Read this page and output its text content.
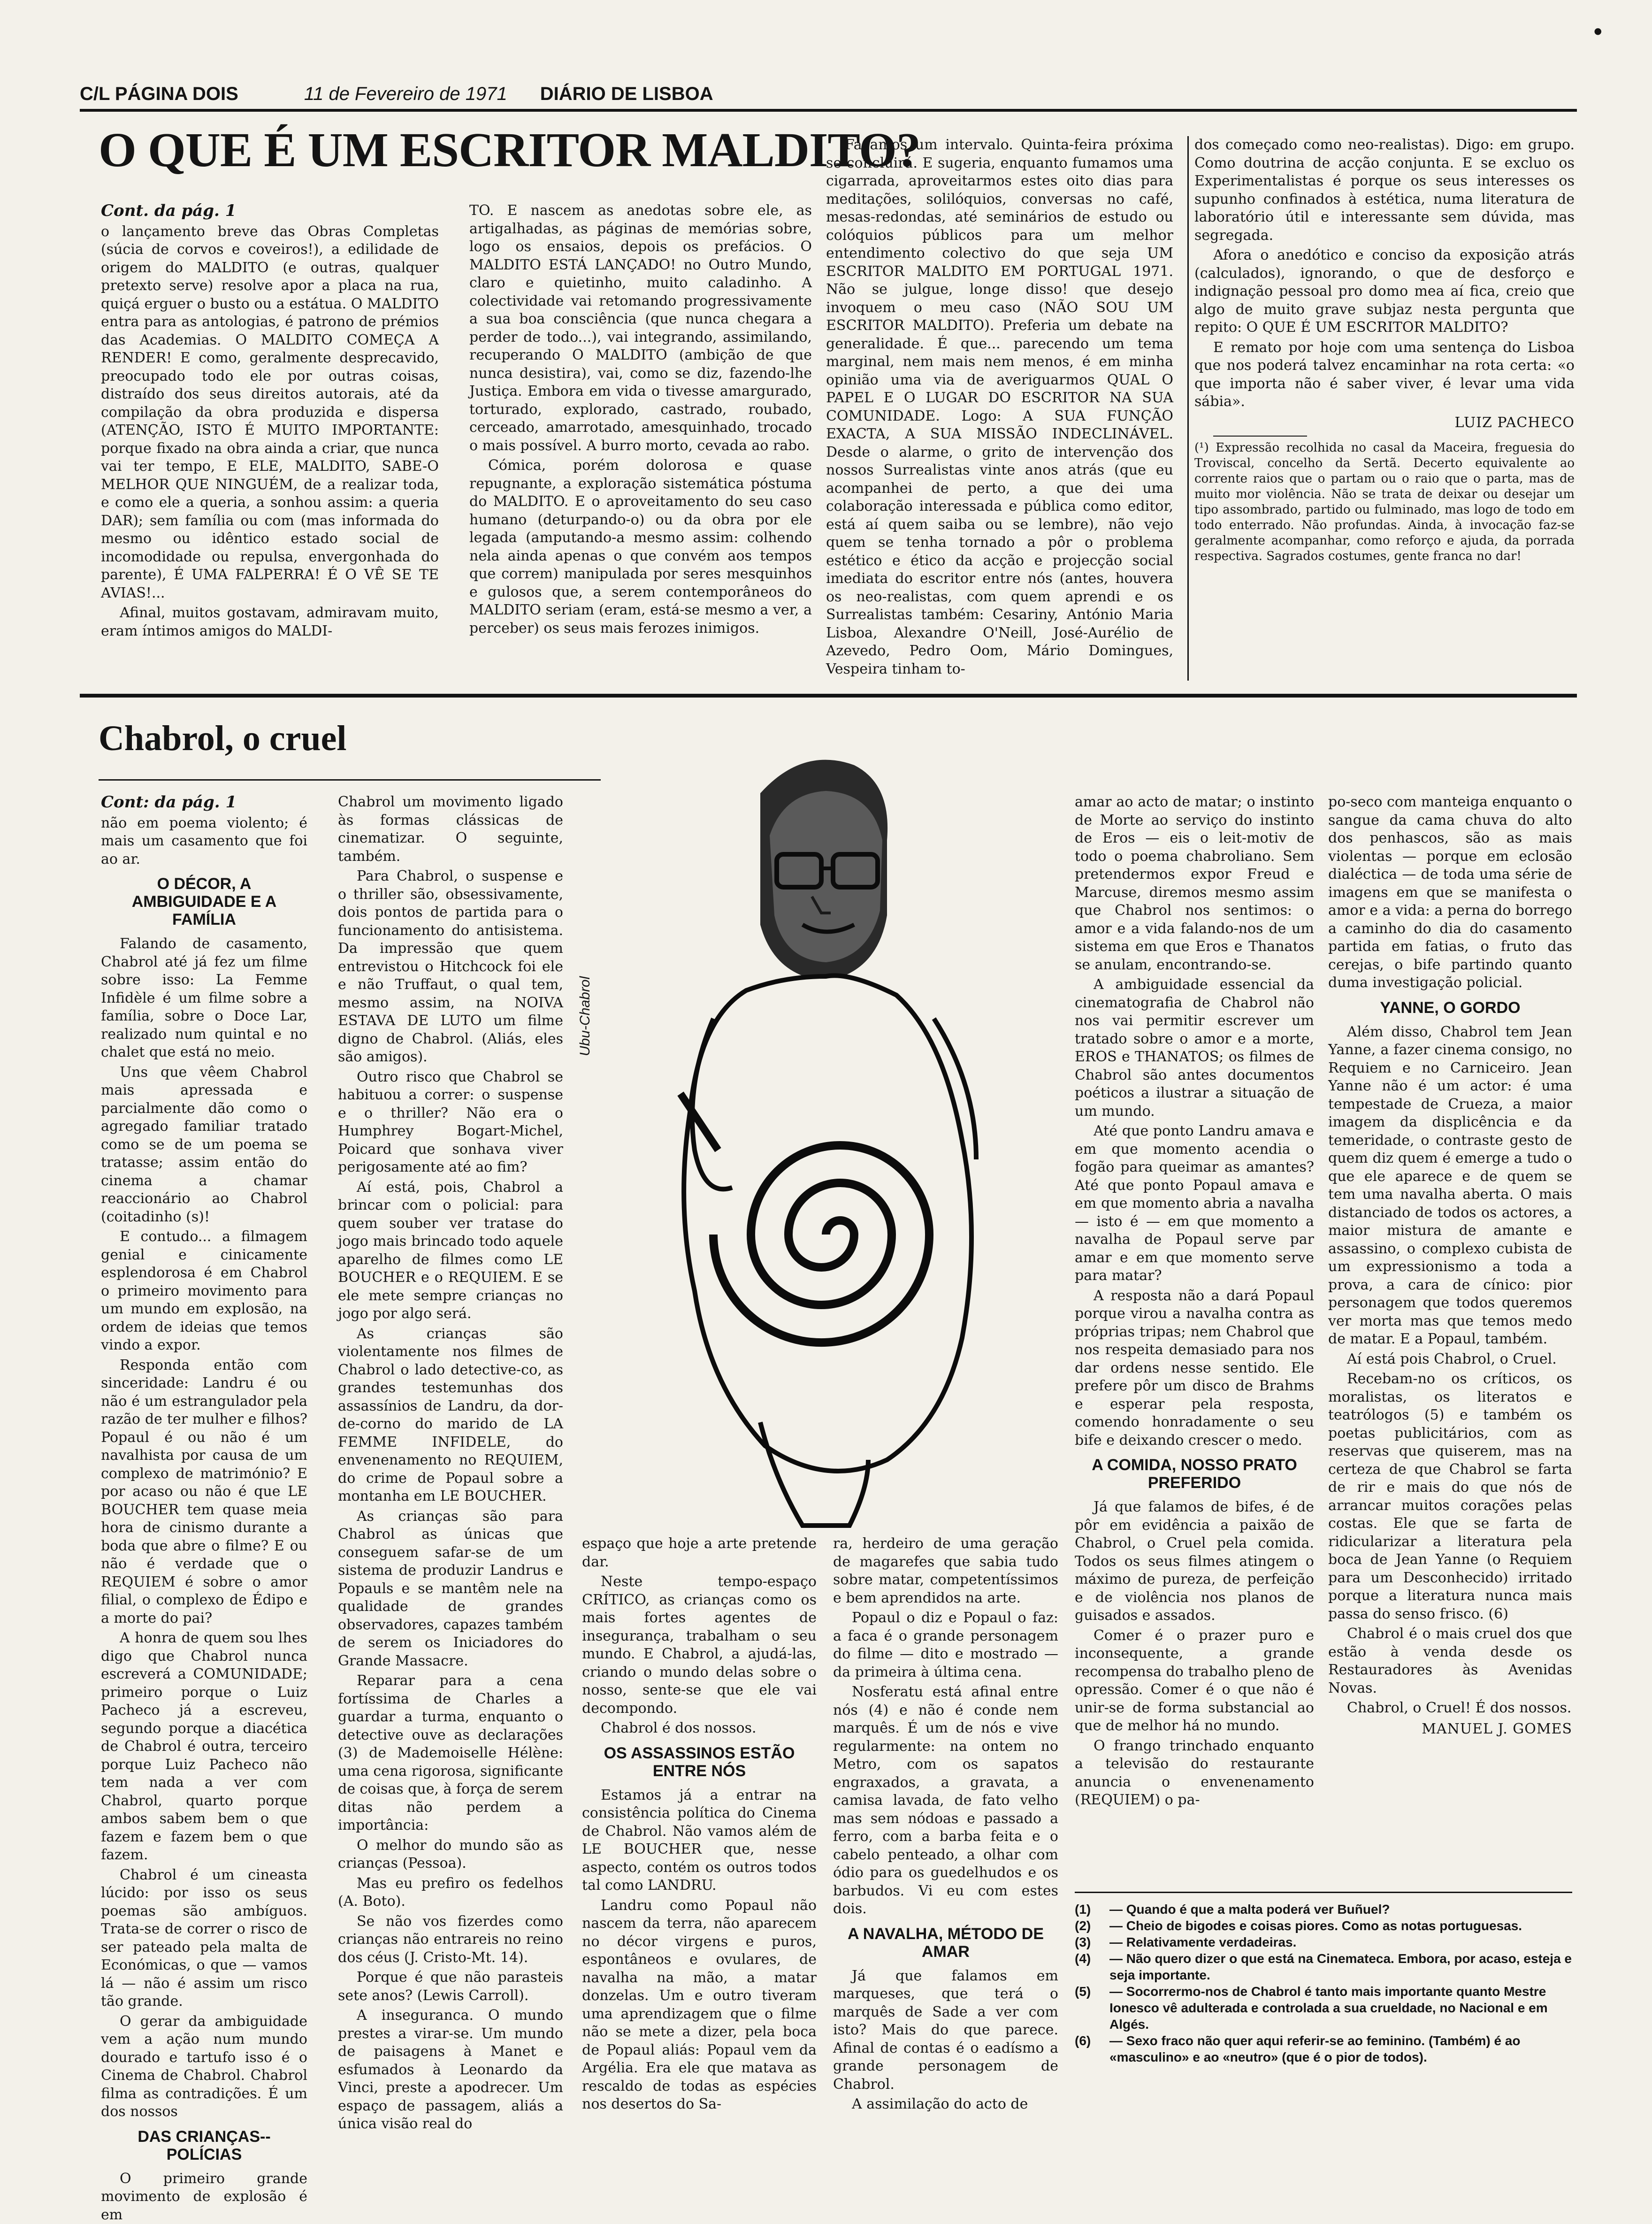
C/L PÁGINA DOIS	11 de Fevereiro de 1971 DIÁRIO DE LISBOA
•
O QUE É UM ESCRITOR MALDITO?

Cont. da pág. 1

o lançamento breve das Obras Completas (súcia de corvos e coveiros!), a edilidade de origem do MALDITO (e outras, qualquer pretexto serve) resolve apor a placa na rua, quiçá erguer o busto ou a estátua. O MALDITO entra para as antologias, é patrono de prémios das Academias. O MALDITO COMEÇA A RENDER! E como, geralmente desprecavido, preocupado todo ele por outras coisas, distraído dos seus direitos autorais, até da compilação da obra produzida e dispersa (ATENÇÃO, ISTO É MUITO IMPORTANTE: porque fixado na obra ainda a criar, que nunca vai ter tempo, E ELE, MALDITO, SABE-O MELHOR QUE NINGUÉM, de a realizar toda, e como ele a queria, a sonhou assim: a queria DAR); sem família ou com (mas informada do mesmo ou idêntico estado social de incomodidade ou repulsa, envergonhada do parente), É UMA FALPERRA! É O VÊ SE TE AVIAS!...

Afinal, muitos gostavam, admiravam muito, eram íntimos amigos do MALDI-

TO. E nascem as anedotas sobre ele, as artigalhadas, as páginas de memórias sobre, logo os ensaios, depois os prefácios. O MALDITO ESTÁ LANÇADO! no Outro Mundo, claro e quietinho, muito caladinho. A colectividade vai retomando progressivamente a sua boa consciência (que nunca chegara a perder de todo...), vai integrando, assimilando, recuperando O MALDITO (ambição de que nunca desistira), vai, como se diz, fazendo-lhe Justiça. Embora em vida o tivesse amargurado, torturado, explorado, castrado, roubado, cerceado, amarrotado, amesquinhado, trocado o mais possível. A burro morto, cevada ao rabo.

Cómica, porém dolorosa e quase repugnante, a exploração sistemática póstuma do MALDITO. E o aproveitamento do seu caso humano (deturpando-o) ou da obra por ele legada (amputando-a mesmo assim: colhendo nela ainda apenas o que convém aos tempos que correm) manipulada por seres mesquinhos e gulosos que, a serem contemporâneos do MALDITO seriam (eram, está-se mesmo a ver, a perceber) os seus mais ferozes inimigos.

Façamos um intervalo. Quinta-feira próxima se concluirá. E sugeria, enquanto fumamos uma cigarrada, aproveitarmos estes oito dias para meditações, solilóquios, conversas no café, mesas-redondas, até seminários de estudo ou colóquios públicos para um melhor entendimento colectivo do que seja UM ESCRITOR MALDITO EM PORTUGAL 1971. Não se julgue, longe disso! que desejo invoquem o meu caso (NÃO SOU UM ESCRITOR MALDITO). Preferia um debate na generalidade. É que... parecendo um tema marginal, nem mais nem menos, é em minha opinião uma via de averiguarmos QUAL O PAPEL E O LUGAR DO ESCRITOR NA SUA COMUNIDADE. Logo: A SUA FUNÇÃO EXACTA, A SUA MISSÃO INDECLINÁVEL. Desde o alarme, o grito de intervenção dos nossos Surrealistas vinte anos atrás (que eu acompanhei de perto, a que dei uma colaboração interessada e pública como editor, está aí quem saiba ou se lembre), não vejo quem se tenha tornado a pôr o problema estético e ético da acção e projecção social imediata do escritor entre nós (antes, houvera os neo-realistas, com quem aprendi e os Surrealistas também: Cesariny, António Maria Lisboa, Alexandre O'Neill, José-Aurélio de Azevedo, Pedro Oom, Mário Domingues, Vespeira tinham to-

dos começado como neo-realistas). Digo: em grupo. Como doutrina de acção conjunta. E se excluo os Experimentalistas é porque os seus interesses os supunho confinados à estética, numa literatura de laboratório útil e interessante sem dúvida, mas segregada.

Afora o anedótico e conciso da exposição atrás (calculados), ignorando, o que de desforço e indignação pessoal pro domo mea aí fica, creio que algo de muito grave subjaz nesta pergunta que repito: O QUE É UM ESCRITOR MALDITO?

E remato por hoje com uma sentença do Lisboa que nos poderá talvez encaminhar na rota certa: «o que importa não é saber viver, é levar uma vida sábia».

LUIZ PACHECO

(¹) Expressão recolhida no casal da Maceira, freguesia do Troviscal, concelho da Sertã. Decerto equivalente ao corrente raios que o partam ou o raio que o parta, mas de muito mor violência. Não se trata de deixar ou desejar um tipo assombrado, partido ou fulminado, mas logo de todo em todo enterrado. Não profundas. Ainda, à invocação faz-se geralmente acompanhar, como reforço e ajuda, da porrada respectiva. Sagrados costumes, gente franca no dar!

Chabrol, o cruel
Ubu-Chabrol

Cont: da pág. 1

não em poema violento; é mais um casamento que foi ao ar.

O DÉCOR, A AMBIGUIDADE E A FAMÍLIA

Falando de casamento, Chabrol até já fez um filme sobre isso: La Femme Infidèle é um filme sobre a família, sobre o Doce Lar, realizado num quintal e no chalet que está no meio.

Uns que vêem Chabrol mais apressada e parcialmente dão como o agregado familiar tratado como se de um poema se tratasse; assim então do cinema a chamar reaccionário ao Chabrol (coitadinho (s)!

E contudo... a filmagem genial e cinicamente esplendorosa é em Chabrol o primeiro movimento para um mundo em explosão, na ordem de ideias que temos vindo a expor.

Responda então com sinceridade: Landru é ou não é um estrangulador pela razão de ter mulher e filhos? Popaul é ou não é um navalhista por causa de um complexo de matrimónio? E por acaso ou não é que LE BOUCHER tem quase meia hora de cinismo durante a boda que abre o filme? E ou não é verdade que o REQUIEM é sobre o amor filial, o complexo de Édipo e a morte do pai?

A honra de quem sou lhes digo que Chabrol nunca escreverá a COMUNIDADE; primeiro porque o Luiz Pacheco já a escreveu, segundo porque a diacética de Chabrol é outra, terceiro porque Luiz Pacheco não tem nada a ver com Chabrol, quarto porque ambos sabem bem o que fazem e fazem bem o que fazem.

Chabrol é um cineasta lúcido: por isso os seus poemas são ambíguos. Trata-se de correr o risco de ser pateado pela malta de Económicas, o que — vamos lá — não é assim um risco tão grande.

O gerar da ambiguidade vem a ação num mundo dourado e tartufo isso é o Cinema de Chabrol. Chabrol filma as contradições. É um dos nossos

DAS CRIANÇAS--POLÍCIAS

O primeiro grande movimento de explosão é em

Chabrol um movimento ligado às formas clássicas de cinematizar. O seguinte, também.

Para Chabrol, o suspense e o thriller são, obsessivamente, dois pontos de partida para o funcionamento do antisistema. Da impressão que quem entrevistou o Hitchcock foi ele e não Truffaut, o qual tem, mesmo assim, na NOIVA ESTAVA DE LUTO um filme digno de Chabrol. (Aliás, eles são amigos).

Outro risco que Chabrol se habituou a correr: o suspense e o thriller? Não era o Humphrey Bogart-Michel, Poicard que sonhava viver perigosamente até ao fim?

Aí está, pois, Chabrol a brincar com o policial: para quem souber ver tratase do jogo mais brincado todo aquele aparelho de filmes como LE BOUCHER e o REQUIEM. E se ele mete sempre crianças no jogo por algo será.

As crianças são violentamente nos filmes de Chabrol o lado detective-co, as grandes testemunhas dos assassínios de Landru, da dor-de-corno do marido de LA FEMME INFIDELE, do envenenamento no REQUIEM, do crime de Popaul sobre a montanha em LE BOUCHER.

As crianças são para Chabrol as únicas que conseguem safar-se de um sistema de produzir Landrus e Popauls e se mantêm nele na qualidade de grandes observadores, capazes também de serem os Iniciadores do Grande Massacre.

Reparar para a cena fortíssima de Charles a guardar a turma, enquanto o detective ouve as declarações (3) de Mademoiselle Hélène: uma cena rigorosa, significante de coisas que, à força de serem ditas não perdem a importância:

O melhor do mundo são as crianças (Pessoa).

Mas eu prefiro os fedelhos (A. Boto).

Se não vos fizerdes como crianças não entrareis no reino dos céus (J. Cristo-Mt. 14).

Porque é que não parasteis sete anos? (Lewis Carroll).

A inseguranca. O mundo prestes a virar-se. Um mundo de paisagens à Manet e esfumados à Leonardo da Vinci, preste a apodrecer. Um espaço de passagem, aliás a única visão real do

espaço que hoje a arte pretende dar.

Neste tempo-espaço CRÍTICO, as crianças como os mais fortes agentes de insegurança, trabalham o seu mundo. E Chabrol, a ajudá-las, criando o mundo delas sobre o nosso, sente-se que ele vai decompondo.

Chabrol é dos nossos.

OS ASSASSINOS ESTÃO ENTRE NÓS

Estamos já a entrar na consistência política do Cinema de Chabrol. Não vamos além de LE BOUCHER que, nesse aspecto, contém os outros todos tal como LANDRU.

Landru como Popaul não nascem da terra, não aparecem no décor virgens e puros, espontâneos e ovulares, de navalha na mão, a matar donzelas. Um e outro tiveram uma aprendizagem que o filme não se mete a dizer, pela boca de Popaul aliás: Popaul vem da Argélia. Era ele que matava as rescaldo de todas as espécies nos desertos do Sa-

ra, herdeiro de uma geração de magarefes que sabia tudo sobre matar, competentíssimos e bem aprendidos na arte.

Popaul o diz e Popaul o faz: a faca é o grande personagem do filme — dito e mostrado — da primeira à última cena.

Nosferatu está afinal entre nós (4) e não é conde nem marquês. É um de nós e vive regularmente: na ontem no Metro, com os sapatos engraxados, a gravata, a camisa lavada, de fato velho mas sem nódoas e passado a ferro, com a barba feita e o cabelo penteado, a olhar com ódio para os guedelhudos e os barbudos. Vi eu com estes dois.

A NAVALHA, MÉTODO DE AMAR

Já que falamos em marqueses, que terá o marquês de Sade a ver com isto? Mais do que parece. Afinal de contas é o eadísmo a grande personagem de Chabrol.

A assimilação do acto de

amar ao acto de matar; o instinto de Morte ao serviço do instinto de Eros — eis o leit-motiv de todo o poema chabroliano. Sem pretendermos expor Freud e Marcuse, diremos mesmo assim que Chabrol nos sentimos: o amor e a vida falando-nos de um sistema em que Eros e Thanatos se anulam, encontrando-se.

A ambiguidade essencial da cinematografia de Chabrol não nos vai permitir escrever um tratado sobre o amor e a morte, EROS e THANATOS; os filmes de Chabrol são antes documentos poéticos a ilustrar a situação de um mundo.

Até que ponto Landru amava e em que momento acendia o fogão para queimar as amantes? Até que ponto Popaul amava e em que momento abria a navalha — isto é — em que momento a navalha de Popaul serve par amar e em que momento serve para matar?

A resposta não a dará Popaul porque virou a navalha contra as próprias tripas; nem Chabrol que nos respeita demasiado para nos dar ordens nesse sentido. Ele prefere pôr um disco de Brahms e esperar pela resposta, comendo honradamente o seu bife e deixando crescer o medo.

A COMIDA, NOSSO PRATO PREFERIDO

Já que falamos de bifes, é de pôr em evidência a paixão de Chabrol, o Cruel pela comida. Todos os seus filmes atingem o máximo de pureza, de perfeição e de violência nos planos de guisados e assados.

Comer é o prazer puro e inconsequente, a grande recompensa do trabalho pleno de opressão. Comer é o que não é unir-se de forma substancial ao que de melhor há no mundo.

O frango trinchado enquanto a televisão do restaurante anuncia o envenenamento (REQUIEM) o pa-

po-seco com manteiga enquanto o sangue da cama chuva do alto dos penhascos, são as mais violentas — porque em eclosão dialéctica — de toda uma série de imagens em que se manifesta o amor e a vida: a perna do borrego a caminho do dia do casamento partida em fatias, o fruto das cerejas, o bife partindo quanto duma investigação policial.

YANNE, O GORDO

Além disso, Chabrol tem Jean Yanne, a fazer cinema consigo, no Requiem e no Carniceiro. Jean Yanne não é um actor: é uma tempestade de Crueza, a maior imagem da displicência e da temeridade, o contraste gesto de quem diz quem é emerge a tudo o que ele aparece e de quem se tem uma navalha aberta. O mais distanciado de todos os actores, a maior mistura de amante e assassino, o complexo cubista de um expressionismo a toda a prova, a cara de cínico: pior personagem que todos queremos ver morta mas que temos medo de matar. E a Popaul, também.

Aí está pois Chabrol, o Cruel.

Recebam-no os críticos, os moralistas, os literatos e teatrólogos (5) e também os poetas publicitários, com as reservas que quiserem, mas na certeza de que Chabrol se farta de rir e mais do que nós de arrancar muitos corações pelas costas. Ele que se farta de ridicularizar a literatura pela boca de Jean Yanne (o Requiem para um Desconhecido) irritado porque a literatura nunca mais passa do senso frisco. (6)

Chabrol é o mais cruel dos que estão à venda desde os Restauradores às Avenidas Novas.

Chabrol, o Cruel! É dos nossos.

MANUEL J. GOMES

(1)	— Quando é que a malta poderá ver Buñuel?
(2)	— Cheio de bigodes e coisas piores. Como as notas portuguesas.
(3)	— Relativamente verdadeiras.
(4)	— Não quero dizer o que está na Cinemateca. Embora, por acaso, esteja e seja importante.
(5)	— Socorrermo-nos de Chabrol é tanto mais importante quanto Mestre Ionesco vê adulterada e controlada a sua crueldade, no Nacional e em Algés.
(6)	— Sexo fraco não quer aqui referir-se ao feminino. (Também) é ao «masculino» e ao «neutro» (que é o pior de todos).
